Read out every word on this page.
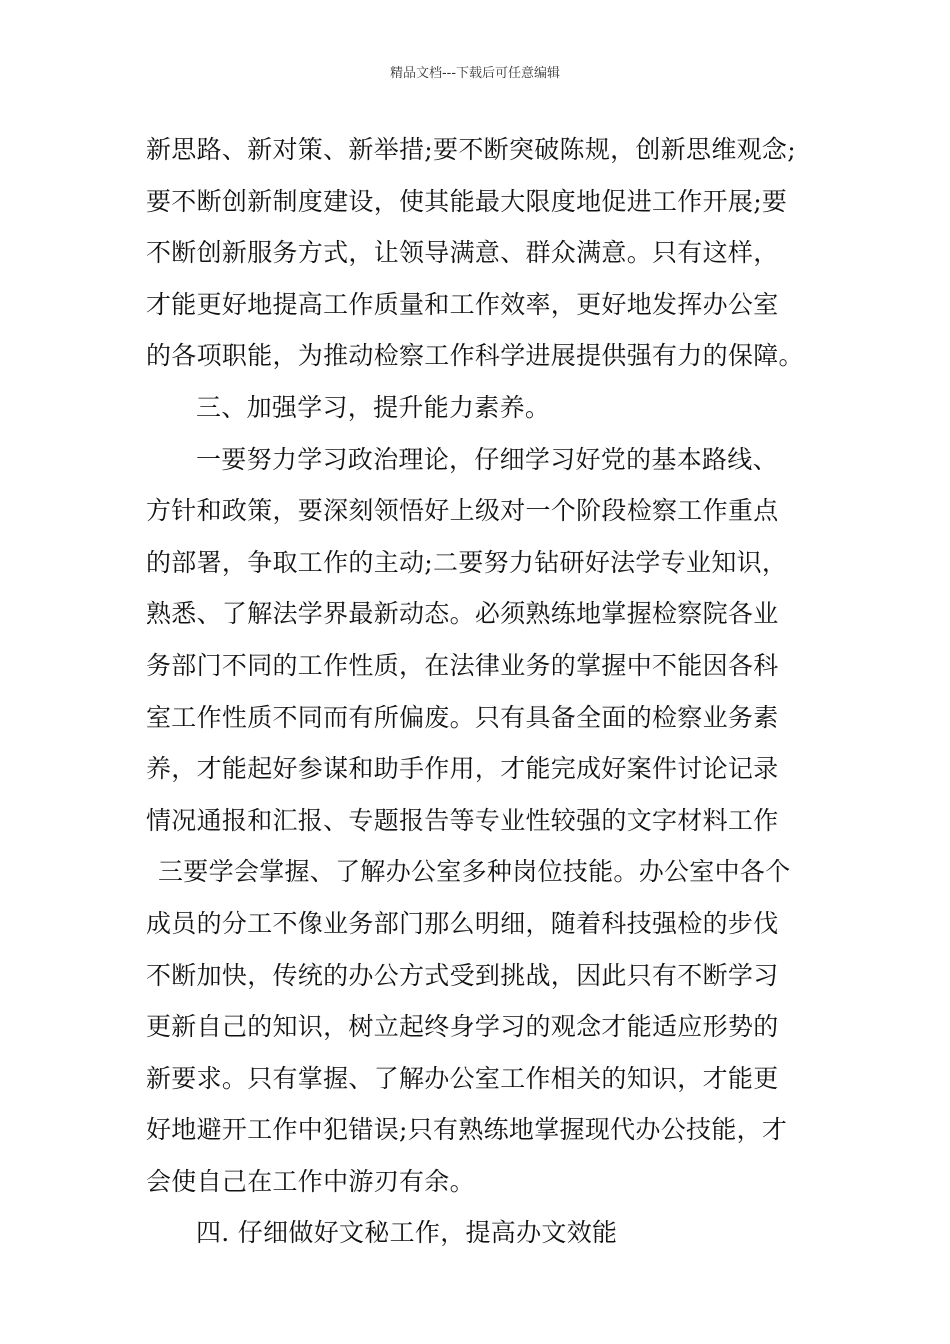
精品文档---下载后可任意编辑
新思路、新对策、新举措;要不断突破陈规，创新思维观念;
要不断创新制度建设，使其能最大限度地促进工作开展;要
不断创新服务方式，让领导满意、群众满意。只有这样，
才能更好地提高工作质量和工作效率，更好地发挥办公室
的各项职能，为推动检察工作科学进展提供强有力的保障。
三、加强学习，提升能力素养。
一要努力学习政治理论，仔细学习好党的基本路线、
方针和政策，要深刻领悟好上级对一个阶段检察工作重点
的部署，争取工作的主动;二要努力钻研好法学专业知识，
熟悉、了解法学界最新动态。必须熟练地掌握检察院各业
务部门不同的工作性质，在法律业务的掌握中不能因各科
室工作性质不同而有所偏废。只有具备全面的检察业务素
养，才能起好参谋和助手作用，才能完成好案件讨论记录
情况通报和汇报、专题报告等专业性较强的文字材料工作
三要学会掌握、了解办公室多种岗位技能。办公室中各个
成员的分工不像业务部门那么明细，随着科技强检的步伐
不断加快，传统的办公方式受到挑战，因此只有不断学习
更新自己的知识，树立起终身学习的观念才能适应形势的
新要求。只有掌握、了解办公室工作相关的知识，才能更
好地避开工作中犯错误;只有熟练地掌握现代办公技能，才
会使自己在工作中游刃有余。
四. 仔细做好文秘工作，提高办文效能
